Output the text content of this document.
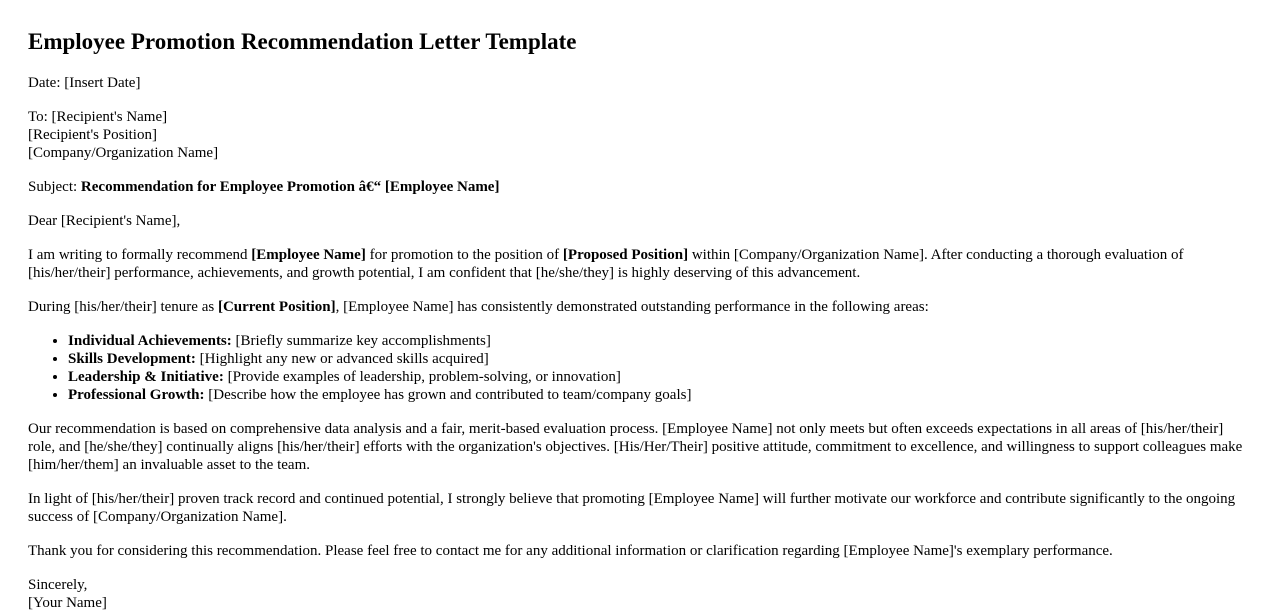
Employee Promotion Recommendation Letter Template

Date: [Insert Date]

To: [Recipient's Name]
[Recipient's Position]
[Company/Organization Name]

Subject: Recommendation for Employee Promotion â€“ [Employee Name]

Dear [Recipient's Name],

I am writing to formally recommend [Employee Name] for promotion to the position of [Proposed Position] within [Company/Organization Name]. After conducting a thorough evaluation of [his/her/their] performance, achievements, and growth potential, I am confident that [he/she/they] is highly deserving of this advancement.

During [his/her/their] tenure as [Current Position], [Employee Name] has consistently demonstrated outstanding performance in the following areas:

• Individual Achievements: [Briefly summarize key accomplishments]
• Skills Development: [Highlight any new or advanced skills acquired]
• Leadership & Initiative: [Provide examples of leadership, problem-solving, or innovation]
• Professional Growth: [Describe how the employee has grown and contributed to team/company goals]

Our recommendation is based on comprehensive data analysis and a fair, merit-based evaluation process. [Employee Name] not only meets but often exceeds expectations in all areas of [his/her/their] role, and [he/she/they] continually aligns [his/her/their] efforts with the organization's objectives. [His/Her/Their] positive attitude, commitment to excellence, and willingness to support colleagues make [him/her/them] an invaluable asset to the team.

In light of [his/her/their] proven track record and continued potential, I strongly believe that promoting [Employee Name] will further motivate our workforce and contribute significantly to the ongoing success of [Company/Organization Name].

Thank you for considering this recommendation. Please feel free to contact me for any additional information or clarification regarding [Employee Name]'s exemplary performance.

Sincerely,
[Your Name]
